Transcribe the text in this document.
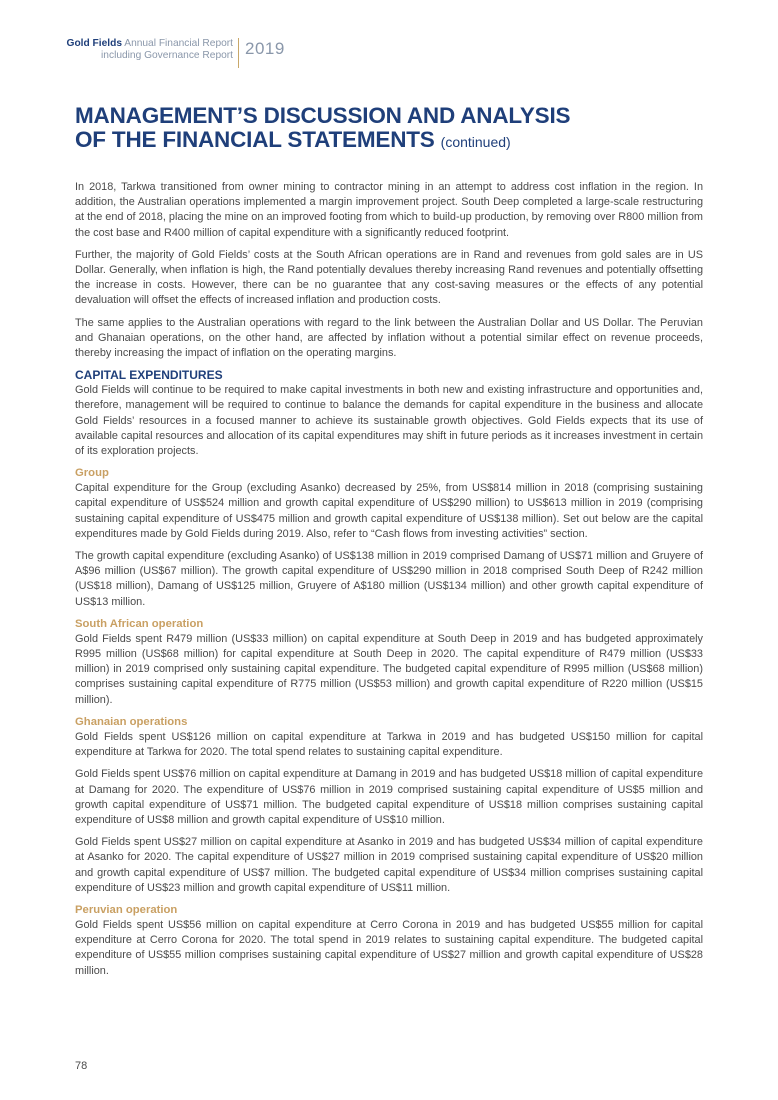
Gold Fields Annual Financial Report
including Governance Report 2019
MANAGEMENT’S DISCUSSION AND ANALYSIS
OF THE FINANCIAL STATEMENTS (continued)

In 2018, Tarkwa transitioned from owner mining to contractor mining in an attempt to address cost inflation in the region. In addition, the Australian operations implemented a margin improvement project. South Deep completed a large-scale restructuring at the end of 2018, placing the mine on an improved footing from which to build-up production, by removing over R800 million from the cost base and R400 million of capital expenditure with a significantly reduced footprint.

Further, the majority of Gold Fields’ costs at the South African operations are in Rand and revenues from gold sales are in US Dollar. Generally, when inflation is high, the Rand potentially devalues thereby increasing Rand revenues and potentially offsetting the increase in costs. However, there can be no guarantee that any cost-saving measures or the effects of any potential devaluation will offset the effects of increased inflation and production costs.

The same applies to the Australian operations with regard to the link between the Australian Dollar and US Dollar. The Peruvian and Ghanaian operations, on the other hand, are affected by inflation without a potential similar effect on revenue proceeds, thereby increasing the impact of inflation on the operating margins.

CAPITAL EXPENDITURES

Gold Fields will continue to be required to make capital investments in both new and existing infrastructure and opportunities and, therefore, management will be required to continue to balance the demands for capital expenditure in the business and allocate Gold Fields’ resources in a focused manner to achieve its sustainable growth objectives. Gold Fields expects that its use of available capital resources and allocation of its capital expenditures may shift in future periods as it increases investment in certain of its exploration projects.

Group

Capital expenditure for the Group (excluding Asanko) decreased by 25%, from US$814 million in 2018 (comprising sustaining capital expenditure of US$524 million and growth capital expenditure of US$290 million) to US$613 million in 2019 (comprising sustaining capital expenditure of US$475 million and growth capital expenditure of US$138 million). Set out below are the capital expenditures made by Gold Fields during 2019. Also, refer to “Cash flows from investing activities” section.

The growth capital expenditure (excluding Asanko) of US$138 million in 2019 comprised Damang of US$71 million and Gruyere of A$96 million (US$67 million). The growth capital expenditure of US$290 million in 2018 comprised South Deep of R242 million (US$18 million), Damang of US$125 million, Gruyere of A$180 million (US$134 million) and other growth capital expenditure of US$13 million.

South African operation

Gold Fields spent R479 million (US$33 million) on capital expenditure at South Deep in 2019 and has budgeted approximately R995 million (US$68 million) for capital expenditure at South Deep in 2020. The capital expenditure of R479 million (US$33 million) in 2019 comprised only sustaining capital expenditure. The budgeted capital expenditure of R995 million (US$68 million) comprises sustaining capital expenditure of R775 million (US$53 million) and growth capital expenditure of R220 million (US$15 million).

Ghanaian operations

Gold Fields spent US$126 million on capital expenditure at Tarkwa in 2019 and has budgeted US$150 million for capital expenditure at Tarkwa for 2020. The total spend relates to sustaining capital expenditure.

Gold Fields spent US$76 million on capital expenditure at Damang in 2019 and has budgeted US$18 million of capital expenditure at Damang for 2020. The expenditure of US$76 million in 2019 comprised sustaining capital expenditure of US$5 million and growth capital expenditure of US$71 million. The budgeted capital expenditure of US$18 million comprises sustaining capital expenditure of US$8 million and growth capital expenditure of US$10 million.

Gold Fields spent US$27 million on capital expenditure at Asanko in 2019 and has budgeted US$34 million of capital expenditure at Asanko for 2020. The capital expenditure of US$27 million in 2019 comprised sustaining capital expenditure of US$20 million and growth capital expenditure of US$7 million. The budgeted capital expenditure of US$34 million comprises sustaining capital expenditure of US$23 million and growth capital expenditure of US$11 million.

Peruvian operation

Gold Fields spent US$56 million on capital expenditure at Cerro Corona in 2019 and has budgeted US$55 million for capital expenditure at Cerro Corona for 2020. The total spend in 2019 relates to sustaining capital expenditure. The budgeted capital expenditure of US$55 million comprises sustaining capital expenditure of US$27 million and growth capital expenditure of US$28 million.

78
